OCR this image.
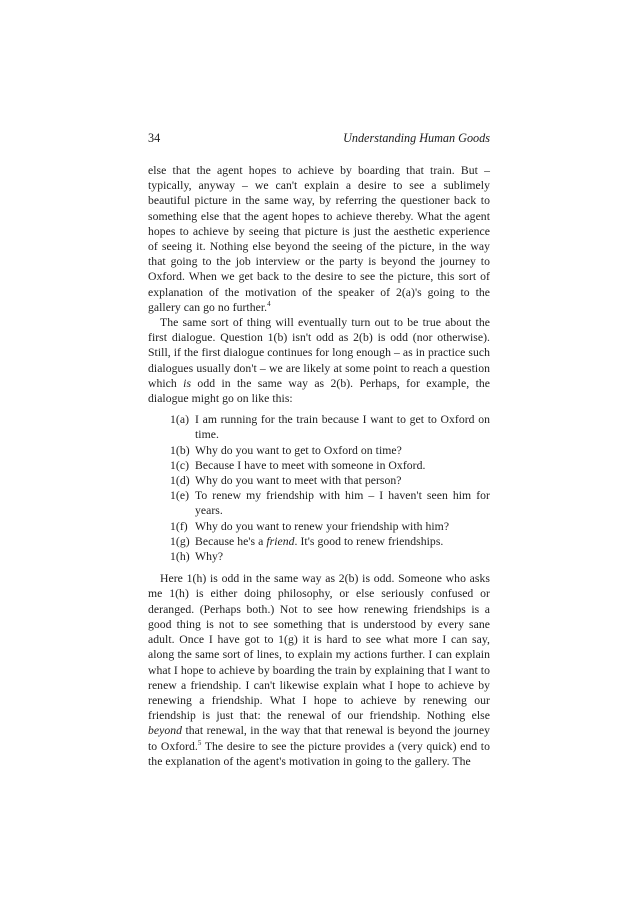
34	Understanding Human Goods

else that the agent hopes to achieve by boarding that train. But – typically, anyway – we can't explain a desire to see a sublimely beautiful picture in the same way, by referring the questioner back to something else that the agent hopes to achieve thereby. What the agent hopes to achieve by seeing that picture is just the aesthetic experience of seeing it. Nothing else beyond the seeing of the picture, in the way that going to the job interview or the party is beyond the journey to Oxford. When we get back to the desire to see the picture, this sort of explanation of the motivation of the speaker of 2(a)'s going to the gallery can go no further.$^4$

The same sort of thing will eventually turn out to be true about the first dialogue. Question 1(b) isn't odd as 2(b) is odd (nor otherwise). Still, if the first dialogue continues for long enough – as in practice such dialogues usually don't – we are likely at some point to reach a question which is odd in the same way as 2(b). Perhaps, for example, the dialogue might go on like this:

1(a) I am running for the train because I want to get to Oxford on time.
1(b) Why do you want to get to Oxford on time?
1(c) Because I have to meet with someone in Oxford.
1(d) Why do you want to meet with that person?
1(e) To renew my friendship with him – I haven't seen him for years.
1(f) Why do you want to renew your friendship with him?
1(g) Because he's a friend. It's good to renew friendships.
1(h) Why?

Here 1(h) is odd in the same way as 2(b) is odd. Someone who asks me 1(h) is either doing philosophy, or else seriously confused or deranged. (Perhaps both.) Not to see how renewing friendships is a good thing is not to see something that is understood by every sane adult. Once I have got to 1(g) it is hard to see what more I can say, along the same sort of lines, to explain my actions further. I can explain what I hope to achieve by boarding the train by explaining that I want to renew a friendship. I can't likewise explain what I hope to achieve by renewing a friendship. What I hope to achieve by renewing our friendship is just that: the renewal of our friendship. Nothing else beyond that renewal, in the way that that renewal is beyond the journey to Oxford.$^5$ The desire to see the picture provides a (very quick) end to the explanation of the agent's motivation in going to the gallery. The
